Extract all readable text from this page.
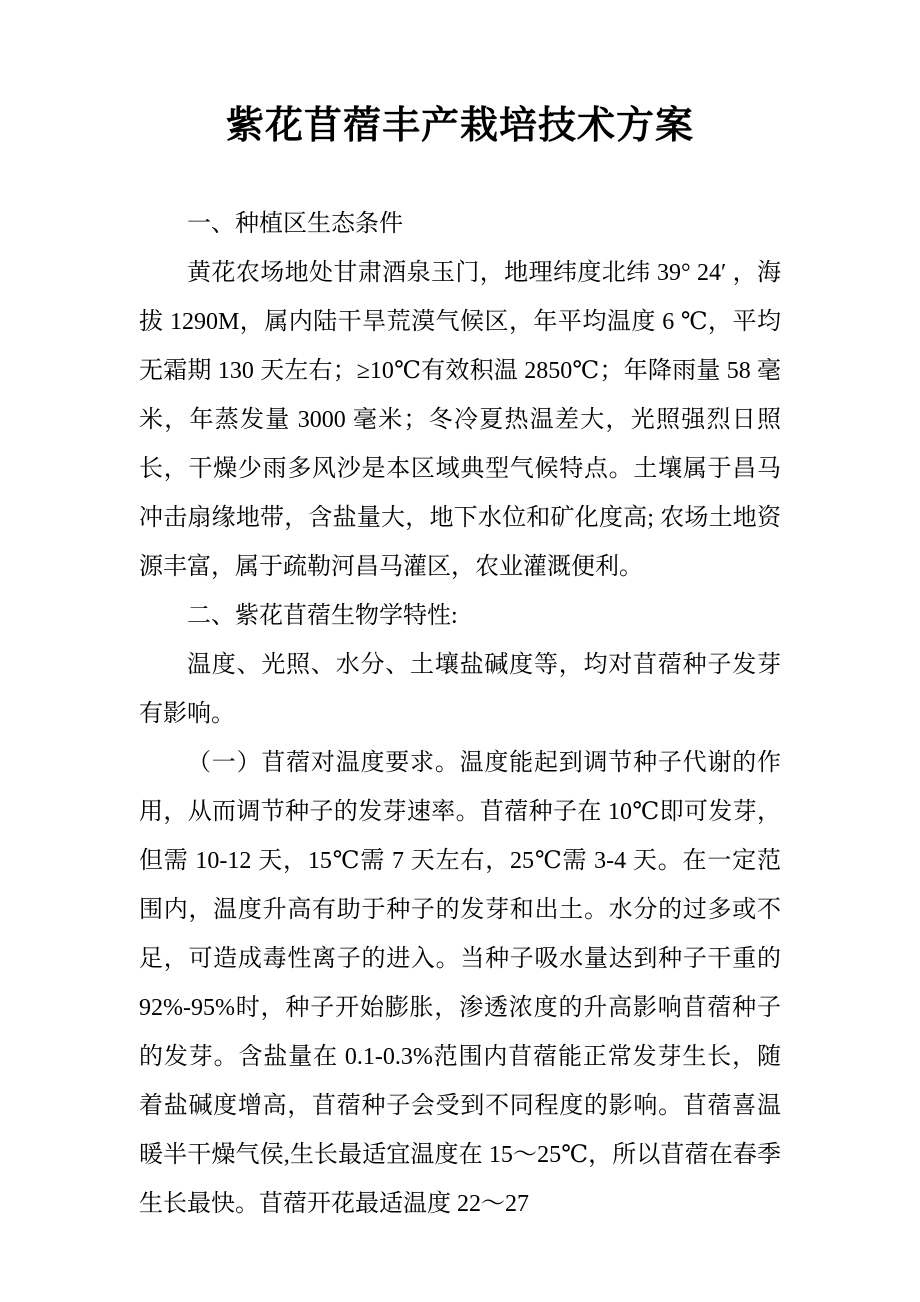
紫花苜蓿丰产栽培技术方案

一、种植区生态条件

黄花农场地处甘肃酒泉玉门，地理纬度北纬 39° 24′ ，海拔 1290M，属内陆干旱荒漠气候区，年平均温度 6 ℃，平均无霜期 130 天左右；≥10℃有效积温 2850℃；年降雨量 58 毫米，年蒸发量 3000 毫米；冬冷夏热温差大，光照强烈日照长，干燥少雨多风沙是本区域典型气候特点。土壤属于昌马冲击扇缘地带，含盐量大，地下水位和矿化度高; 农场土地资源丰富，属于疏勒河昌马灌区，农业灌溉便利。

二、紫花苜蓿生物学特性:

温度、光照、水分、土壤盐碱度等，均对苜蓿种子发芽有影响。

（一）苜蓿对温度要求。温度能起到调节种子代谢的作用，从而调节种子的发芽速率。苜蓿种子在 10℃即可发芽，但需 10-12 天，15℃需 7 天左右，25℃需 3-4 天。在一定范围内，温度升高有助于种子的发芽和出土。水分的过多或不足，可造成毒性离子的进入。当种子吸水量达到种子干重的 92%-95%时，种子开始膨胀，渗透浓度的升高影响苜蓿种子的发芽。含盐量在 0.1-0.3%范围内苜蓿能正常发芽生长，随着盐碱度增高，苜蓿种子会受到不同程度的影响。苜蓿喜温暖半干燥气侯,生长最适宜温度在 15～25℃，所以苜蓿在春季生长最快。苜蓿开花最适温度 22～27
